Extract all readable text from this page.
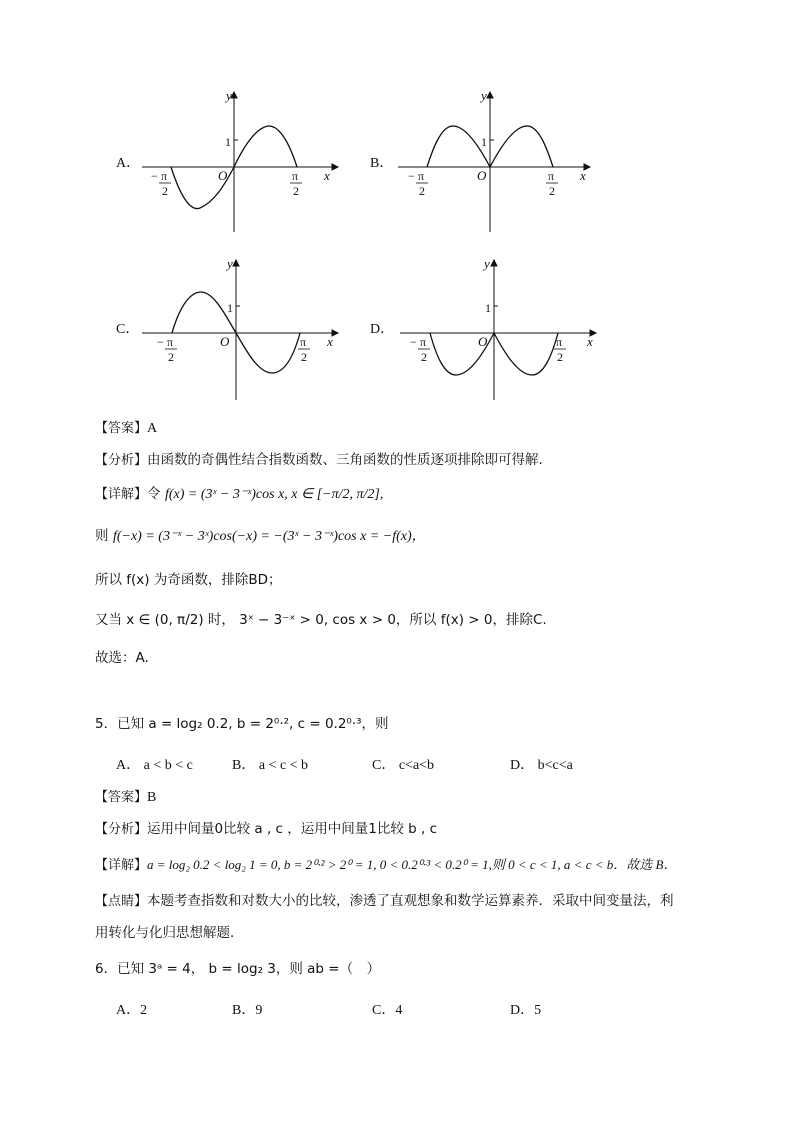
A．	B．
C．	D．
y
x
O
1
− π
2
π
2
y
x
O
1
− π
2
π
2
y
x
O
1
− π
2
π
2
y
x
O
1
− π
2
π
2
【答案】A
【分析】由函数的奇偶性结合指数函数、三角函数的性质逐项排除即可得解.
【详解】令 f(x) = (3ˣ − 3⁻ˣ)cos x, x ∈ [−π/2, π/2],
则 f(−x) = (3⁻ˣ − 3ˣ)cos(−x) = −(3ˣ − 3⁻ˣ)cos x = −f(x)，
所以 f(x) 为奇函数，排除BD；
又当 x ∈ (0, π/2) 时， 3ˣ − 3⁻ˣ > 0, cos x > 0，所以 f(x) > 0，排除C.
故选：A.
5．已知 a = log₂ 0.2, b = 2⁰·², c = 0.2⁰·³，则
A． a < b < c	B． a < c < b	C． c<a<b	D． b<c<a
【答案】B
【分析】运用中间量0比较 a , c ，运用中间量1比较 b , c
【详解】a = log₂ 0.2 < log₂ 1 = 0, b = 2⁰·² > 2⁰ = 1, 0 < 0.2⁰·³ < 0.2⁰ = 1,则 0 < c < 1, a < c < b．故选 B．
【点睛】本题考查指数和对数大小的比较，渗透了直观想象和数学运算素养．采取中间变量法，利
用转化与化归思想解题．
6．已知 3ᵃ = 4， b = log₂ 3，则 ab =（　）
A．2	B．9	C．4	D．5
